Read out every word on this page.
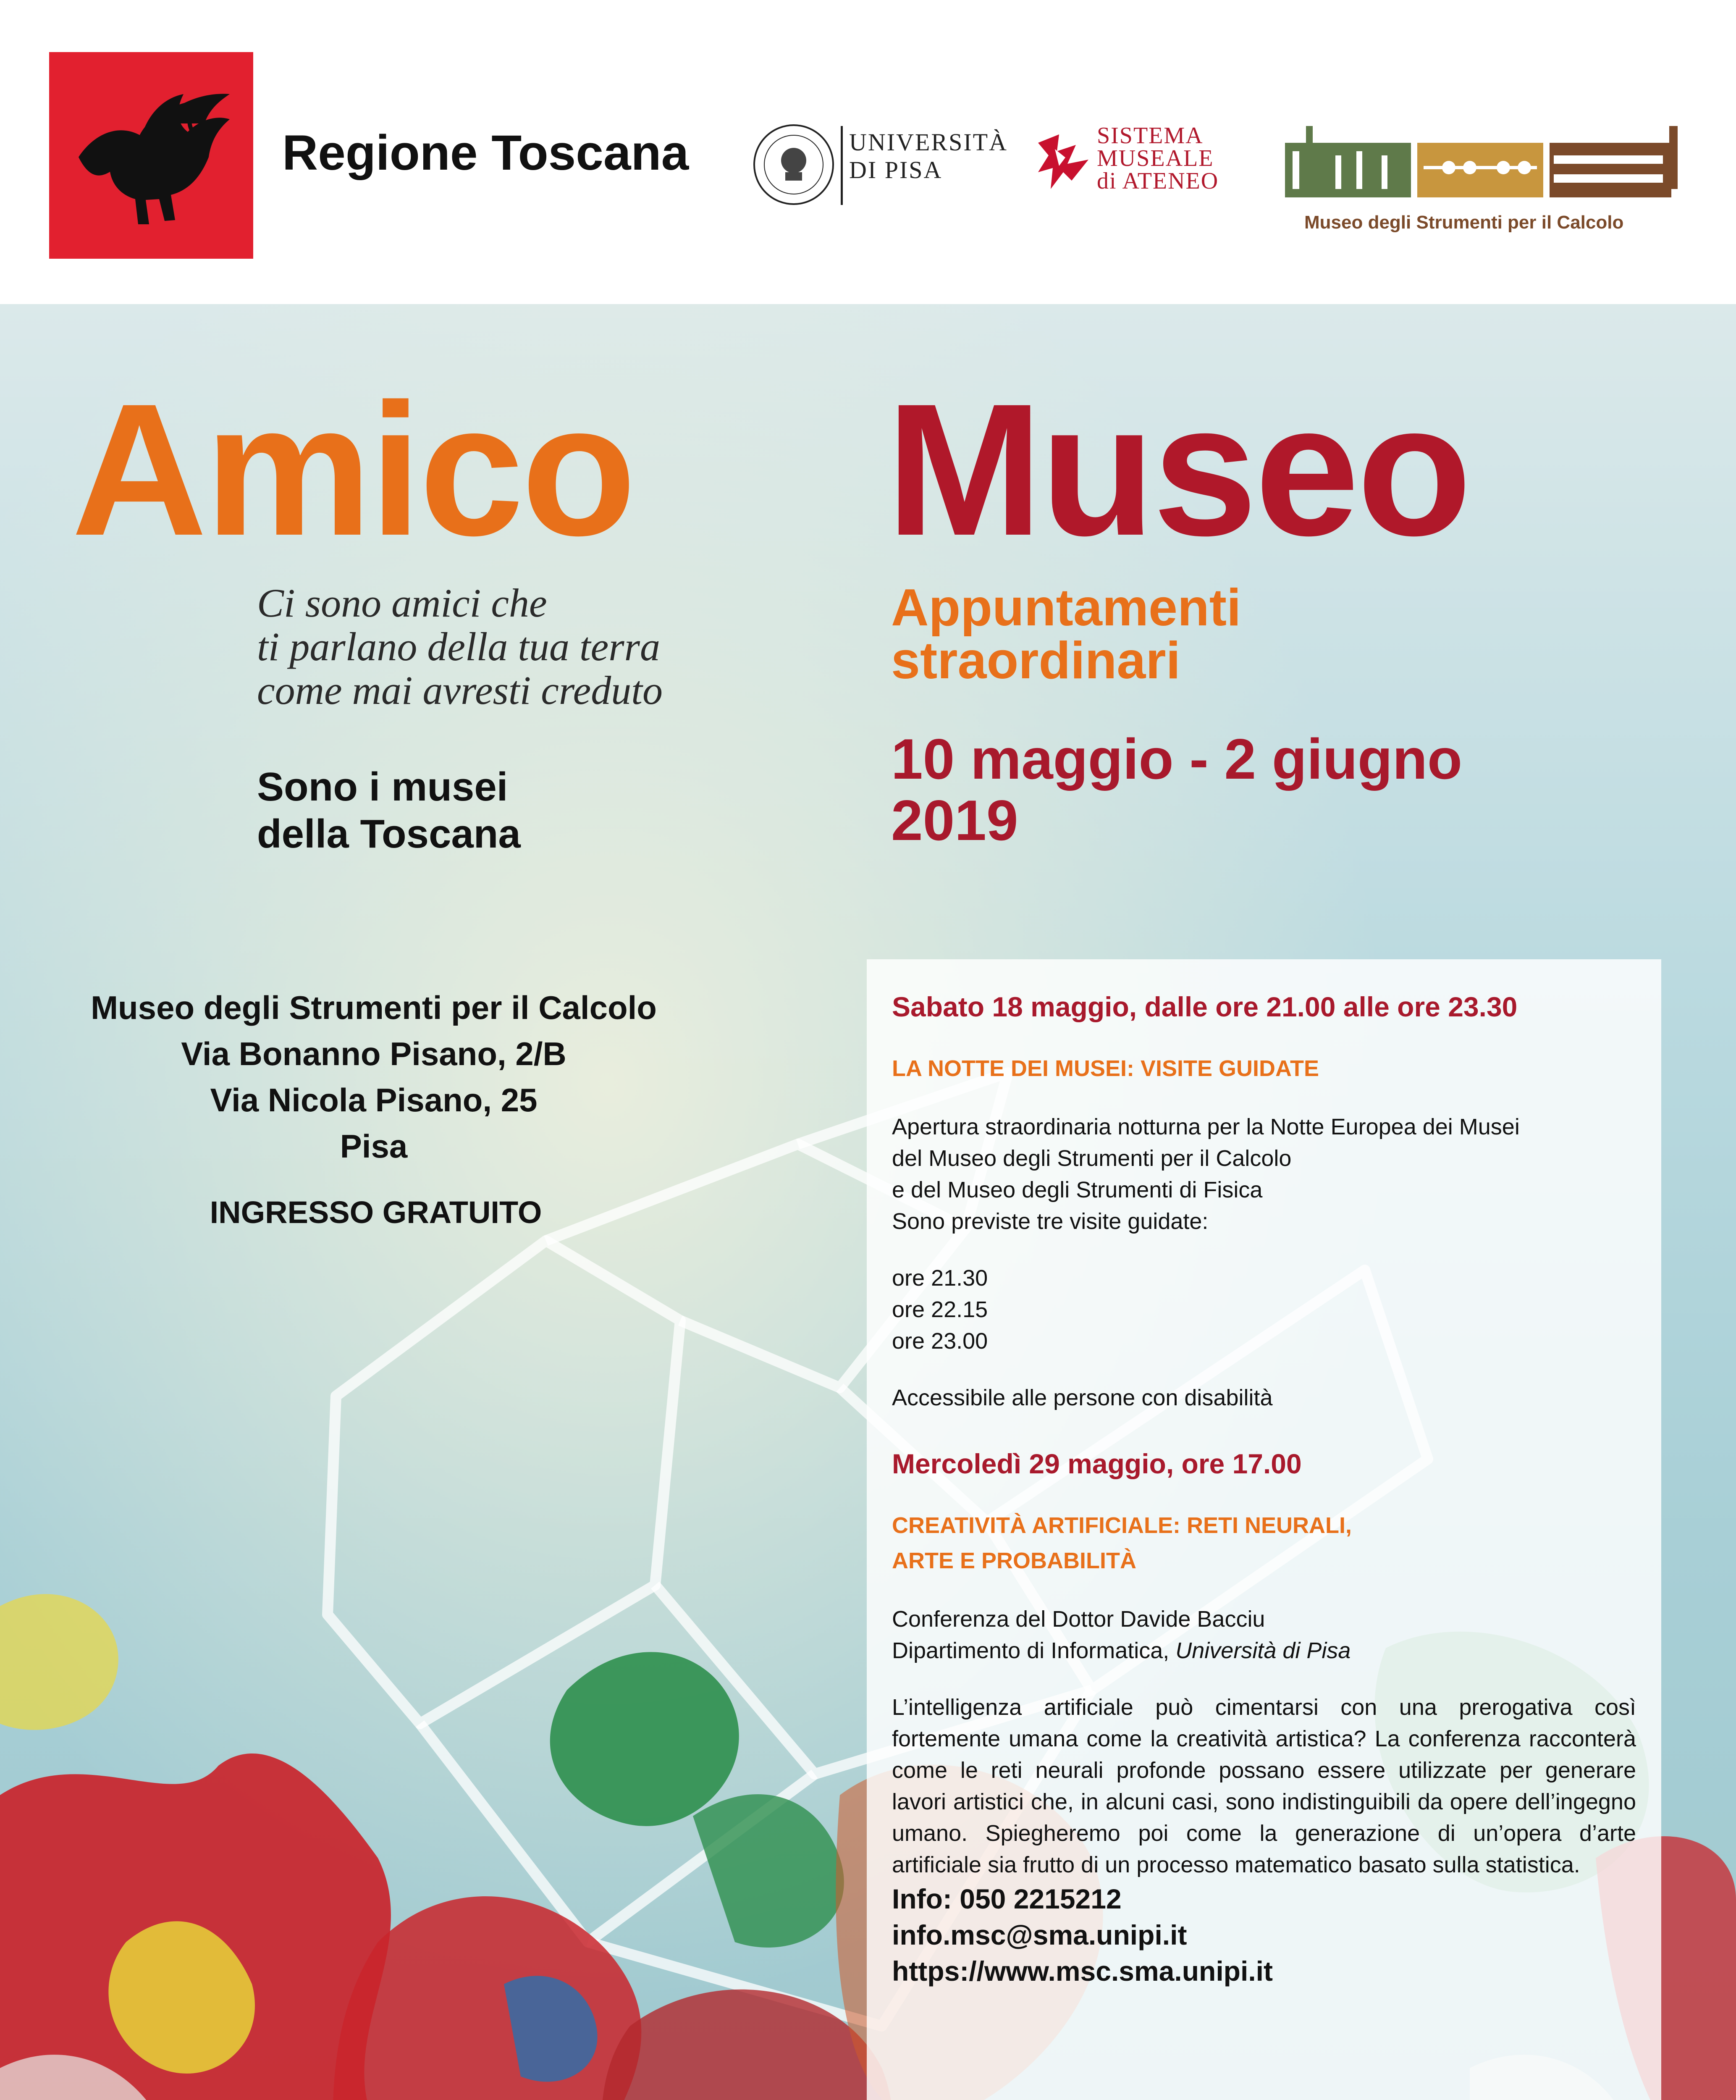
Regione Toscana	UNIVERSITÀ
DI PISA
SISTEMA
MUSEALE
di ATENEO
Museo degli Strumenti per il Calcolo
Amico Museo
Ci sono amici che
ti parlano della tua terra
come mai avresti creduto
Sono i musei
della Toscana
Appuntamenti
straordinari
10 maggio - 2 giugno
2019
Museo degli Strumenti per il Calcolo
Via Bonanno Pisano, 2/B
Via Nicola Pisano, 25
Pisa
INGRESSO GRATUITO

Sabato 18 maggio, dalle ore 21.00 alle ore 23.30

LA NOTTE DEI MUSEI: VISITE GUIDATE

Apertura straordinaria notturna per la Notte Europea dei Musei
del Museo degli Strumenti per il Calcolo
e del Museo degli Strumenti di Fisica
Sono previste tre visite guidate:

ore 21.30
ore 22.15
ore 23.00

Accessibile alle persone con disabilità

Mercoledì 29 maggio, ore 17.00

CREATIVITÀ ARTIFICIALE: RETI NEURALI,
ARTE E PROBABILITÀ

Conferenza del Dottor Davide Bacciu
Dipartimento di Informatica, Università di Pisa

L’intelligenza artificiale può cimentarsi con una prerogativa così fortemente umana come la creatività artistica? La conferenza racconterà come le reti neurali profonde possano essere utilizzate per generare lavori artistici che, in alcuni casi, sono indistinguibili da opere dell’ingegno umano. Spiegheremo poi come la generazione di un’opera d’arte artificiale sia frutto di un processo matematico basato sulla statistica.

Info: 050 2215212

info.msc@sma.unipi.it

https://www.msc.sma.unipi.it
